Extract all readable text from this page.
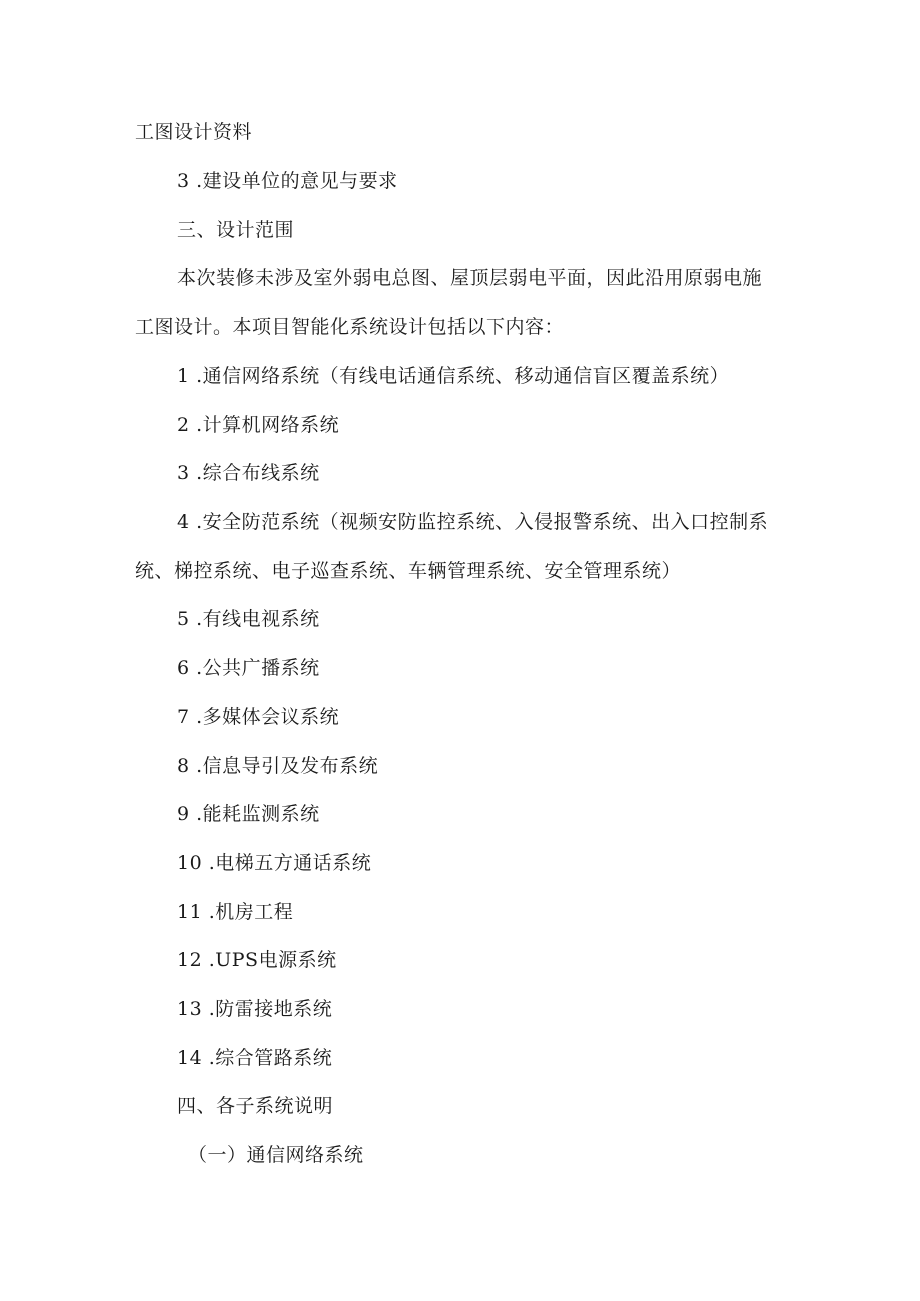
工图设计资料
3 .建设单位的意见与要求
三、设计范围
本次装修未涉及室外弱电总图、屋顶层弱电平面，因此沿用原弱电施
工图设计。本项目智能化系统设计包括以下内容：
1 .通信网络系统（有线电话通信系统、移动通信盲区覆盖系统）
2 .计算机网络系统
3 .综合布线系统
4 .安全防范系统（视频安防监控系统、入侵报警系统、出入口控制系
统、梯控系统、电子巡查系统、车辆管理系统、安全管理系统）
5 .有线电视系统
6 .公共广播系统
7 .多媒体会议系统
8 .信息导引及发布系统
9 .能耗监测系统
10 .电梯五方通话系统
11 .机房工程
12 .UPS电源系统
13 .防雷接地系统
14 .综合管路系统
四、各子系统说明
（一）通信网络系统
